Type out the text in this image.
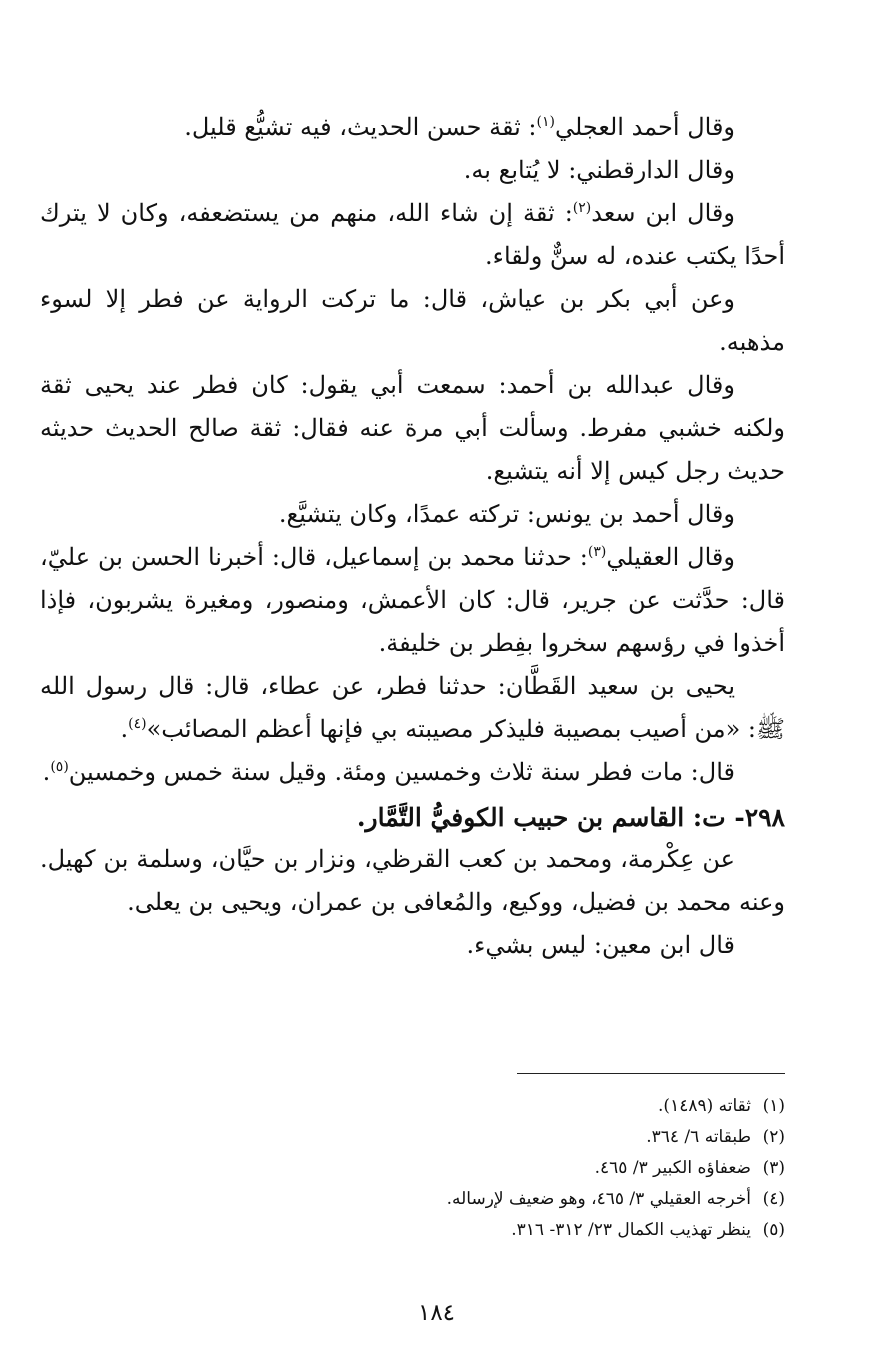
وقال أحمد العجلي$^{(١)}$: ثقة حسن الحديث، فيه تشيُّع قليل.

وقال الدارقطني: لا يُتابع به.

وقال ابن سعد$^{(٢)}$: ثقة إن شاء الله، منهم من يستضعفه، وكان لا يترك أحدًا يكتب عنده، له سنٌّ ولقاء.

وعن أبي بكر بن عياش، قال: ما تركت الرواية عن فطر إلا لسوء مذهبه.

وقال عبدالله بن أحمد: سمعت أبي يقول: كان فطر عند يحيى ثقة ولكنه خشبي مفرط. وسألت أبي مرة عنه فقال: ثقة صالح الحديث حديثه حديث رجل كيس إلا أنه يتشيع.

وقال أحمد بن يونس: تركته عمدًا، وكان يتشيَّع.

وقال العقيلي$^{(٣)}$: حدثنا محمد بن إسماعيل، قال: أخبرنا الحسن بن عليّ، قال: حدَّثت عن جرير، قال: كان الأعمش، ومنصور، ومغيرة يشربون، فإذا أخذوا في رؤسهم سخروا بفِطر بن خليفة.

يحيى بن سعيد القَطَّان: حدثنا فطر، عن عطاء، قال: قال رسول الله ﷺ: «من أصيب بمصيبة فليذكر مصيبته بي فإنها أعظم المصائب»$^{(٤)}$.

قال: مات فطر سنة ثلاث وخمسين ومئة. وقيل سنة خمس وخمسين$^{(٥)}$.

٢٩٨- ت: القاسم بن حبيب الكوفيُّ التَّمَّار.

عن عِكْرمة، ومحمد بن كعب القرظي، ونزار بن حيَّان، وسلمة بن كهيل. وعنه محمد بن فضيل، ووكيع، والمُعافى بن عمران، ويحيى بن يعلى.

قال ابن معين: ليس بشيء.

(١)ثقاته (١٤٨٩).
(٢)طبقاته ٦/ ٣٦٤.
(٣)ضعفاؤه الكبير ٣/ ٤٦٥.
(٤)أخرجه العقيلي ٣/ ٤٦٥، وهو ضعيف لإرساله.
(٥)ينظر تهذيب الكمال ٢٣/ ٣١٢- ٣١٦.
١٨٤
